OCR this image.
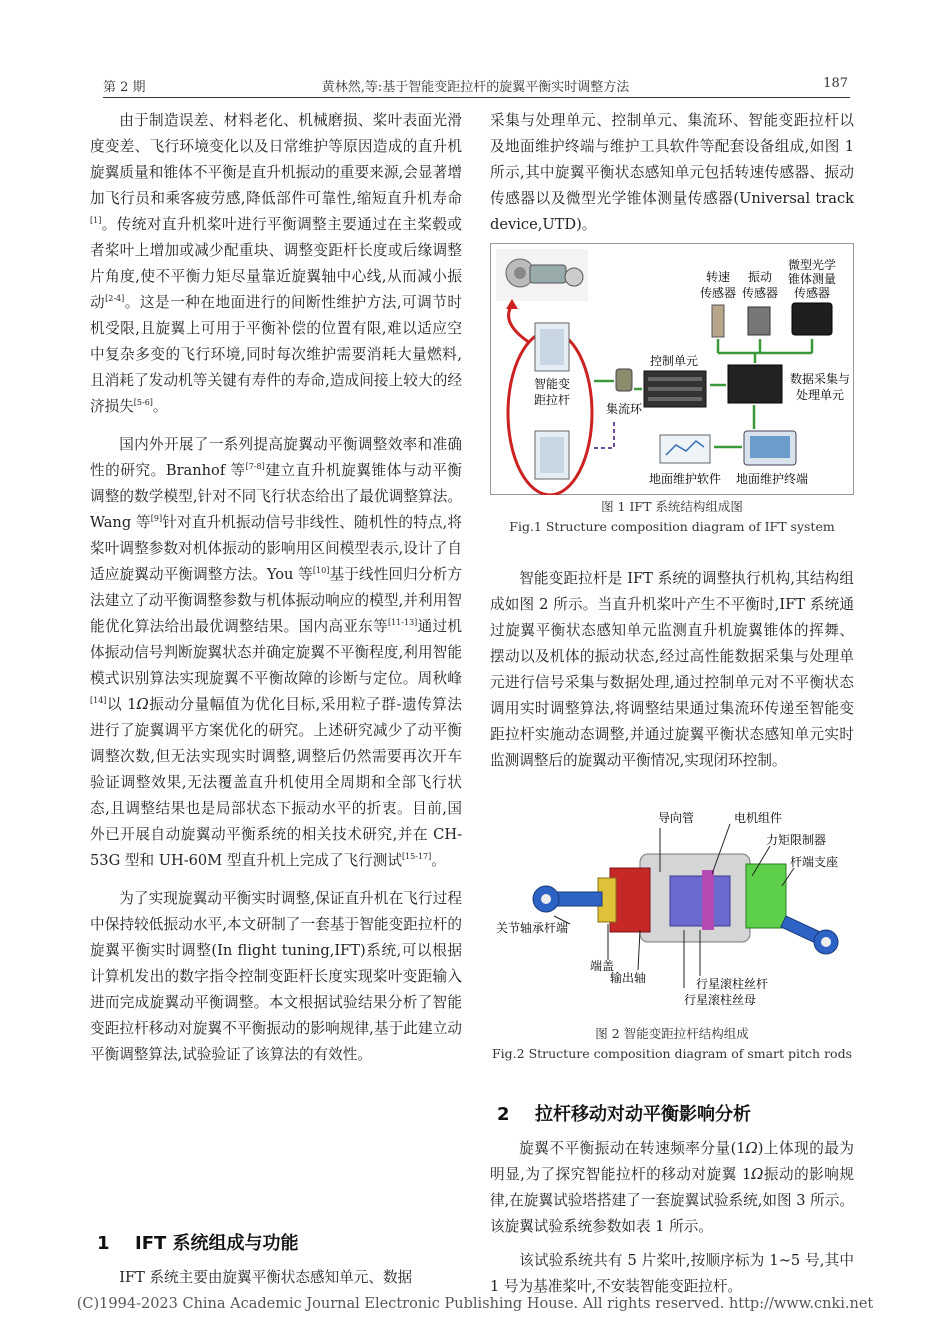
第 2 期	黄林然,等:基于智能变距拉杆的旋翼平衡实时调整方法	187

由于制造误差、材料老化、机械磨损、桨叶表面光滑度变差、飞行环境变化以及日常维护等原因造成的直升机旋翼质量和锥体不平衡是直升机振动的重要来源,会显著增加飞行员和乘客疲劳感,降低部件可靠性,缩短直升机寿命[1]。传统对直升机桨叶进行平衡调整主要通过在主桨毂或者桨叶上增加或减少配重块、调整变距杆长度或后缘调整片角度,使不平衡力矩尽量靠近旋翼轴中心线,从而减小振动[2-4]。这是一种在地面进行的间断性维护方法,可调节时机受限,且旋翼上可用于平衡补偿的位置有限,难以适应空中复杂多变的飞行环境,同时每次维护需要消耗大量燃料,且消耗了发动机等关键有寿件的寿命,造成间接上较大的经济损失[5-6]。

国内外开展了一系列提高旋翼动平衡调整效率和准确性的研究。Branhof 等[7-8]建立直升机旋翼锥体与动平衡调整的数学模型,针对不同飞行状态给出了最优调整算法。Wang 等[9]针对直升机振动信号非线性、随机性的特点,将桨叶调整参数对机体振动的影响用区间模型表示,设计了自适应旋翼动平衡调整方法。You 等[10]基于线性回归分析方法建立了动平衡调整参数与机体振动响应的模型,并利用智能优化算法给出最优调整结果。国内高亚东等[11-13]通过机体振动信号判断旋翼状态并确定旋翼不平衡程度,利用智能模式识别算法实现旋翼不平衡故障的诊断与定位。周秋峰[14]以 1Ω振动分量幅值为优化目标,采用粒子群-遗传算法进行了旋翼调平方案优化的研究。上述研究减少了动平衡调整次数,但无法实现实时调整,调整后仍然需要再次开车验证调整效果,无法覆盖直升机使用全周期和全部飞行状态,且调整结果也是局部状态下振动水平的折衷。目前,国外已开展自动旋翼动平衡系统的相关技术研究,并在 CH-53G 型和 UH-60M 型直升机上完成了飞行测试[15-17]。

为了实现旋翼动平衡实时调整,保证直升机在飞行过程中保持较低振动水平,本文研制了一套基于智能变距拉杆的旋翼平衡实时调整(In flight tuning,IFT)系统,可以根据计算机发出的数字指令控制变距杆长度实现桨叶变距输入进而完成旋翼动平衡调整。本文根据试验结果分析了智能变距拉杆移动对旋翼不平衡振动的影响规律,基于此建立动平衡调整算法,试验验证了该算法的有效性。

1 IFT 系统组成与功能

IFT 系统主要由旋翼平衡状态感知单元、数据

采集与处理单元、控制单元、集流环、智能变距拉杆以及地面维护终端与维护工具软件等配套设备组成,如图 1 所示,其中旋翼平衡状态感知单元包括转速传感器、振动传感器以及微型光学锥体测量传感器(Universal track device,UTD)。

智能变
距拉杆
集流环
控制单元
转速
传感器
振动
传感器
微型光学
锥体测量
传感器
数据采集与
处理单元
地面维护软件 地面维护终端
图 1 IFT 系统结构组成图
Fig.1 Structure composition diagram of IFT system

智能变距拉杆是 IFT 系统的调整执行机构,其结构组成如图 2 所示。当直升机桨叶产生不平衡时,IFT 系统通过旋翼平衡状态感知单元监测直升机旋翼锥体的挥舞、摆动以及机体的振动状态,经过高性能数据采集与处理单元进行信号采集与数据处理,通过控制单元对不平衡状态调用实时调整算法,将调整结果通过集流环传递至智能变距拉杆实施动态调整,并通过旋翼平衡状态感知单元实时监测调整后的旋翼动平衡情况,实现闭环控制。

导向管	电机组件
力矩限制器
杆端支座
关节轴承杆端
端盖
输出轴	行星滚柱丝杆
行星滚柱丝母
图 2 智能变距拉杆结构组成
Fig.2 Structure composition diagram of smart pitch rods
2 拉杆移动对动平衡影响分析

旋翼不平衡振动在转速频率分量(1Ω)上体现的最为明显,为了探究智能拉杆的移动对旋翼 1Ω振动的影响规律,在旋翼试验塔搭建了一套旋翼试验系统,如图 3 所示。该旋翼试验系统参数如表 1 所示。

该试验系统共有 5 片桨叶,按顺序标为 1~5 号,其中 1 号为基准桨叶,不安装智能变距拉杆。

(C)1994-2023 China Academic Journal Electronic Publishing House. All rights reserved. http://www.cnki.net
